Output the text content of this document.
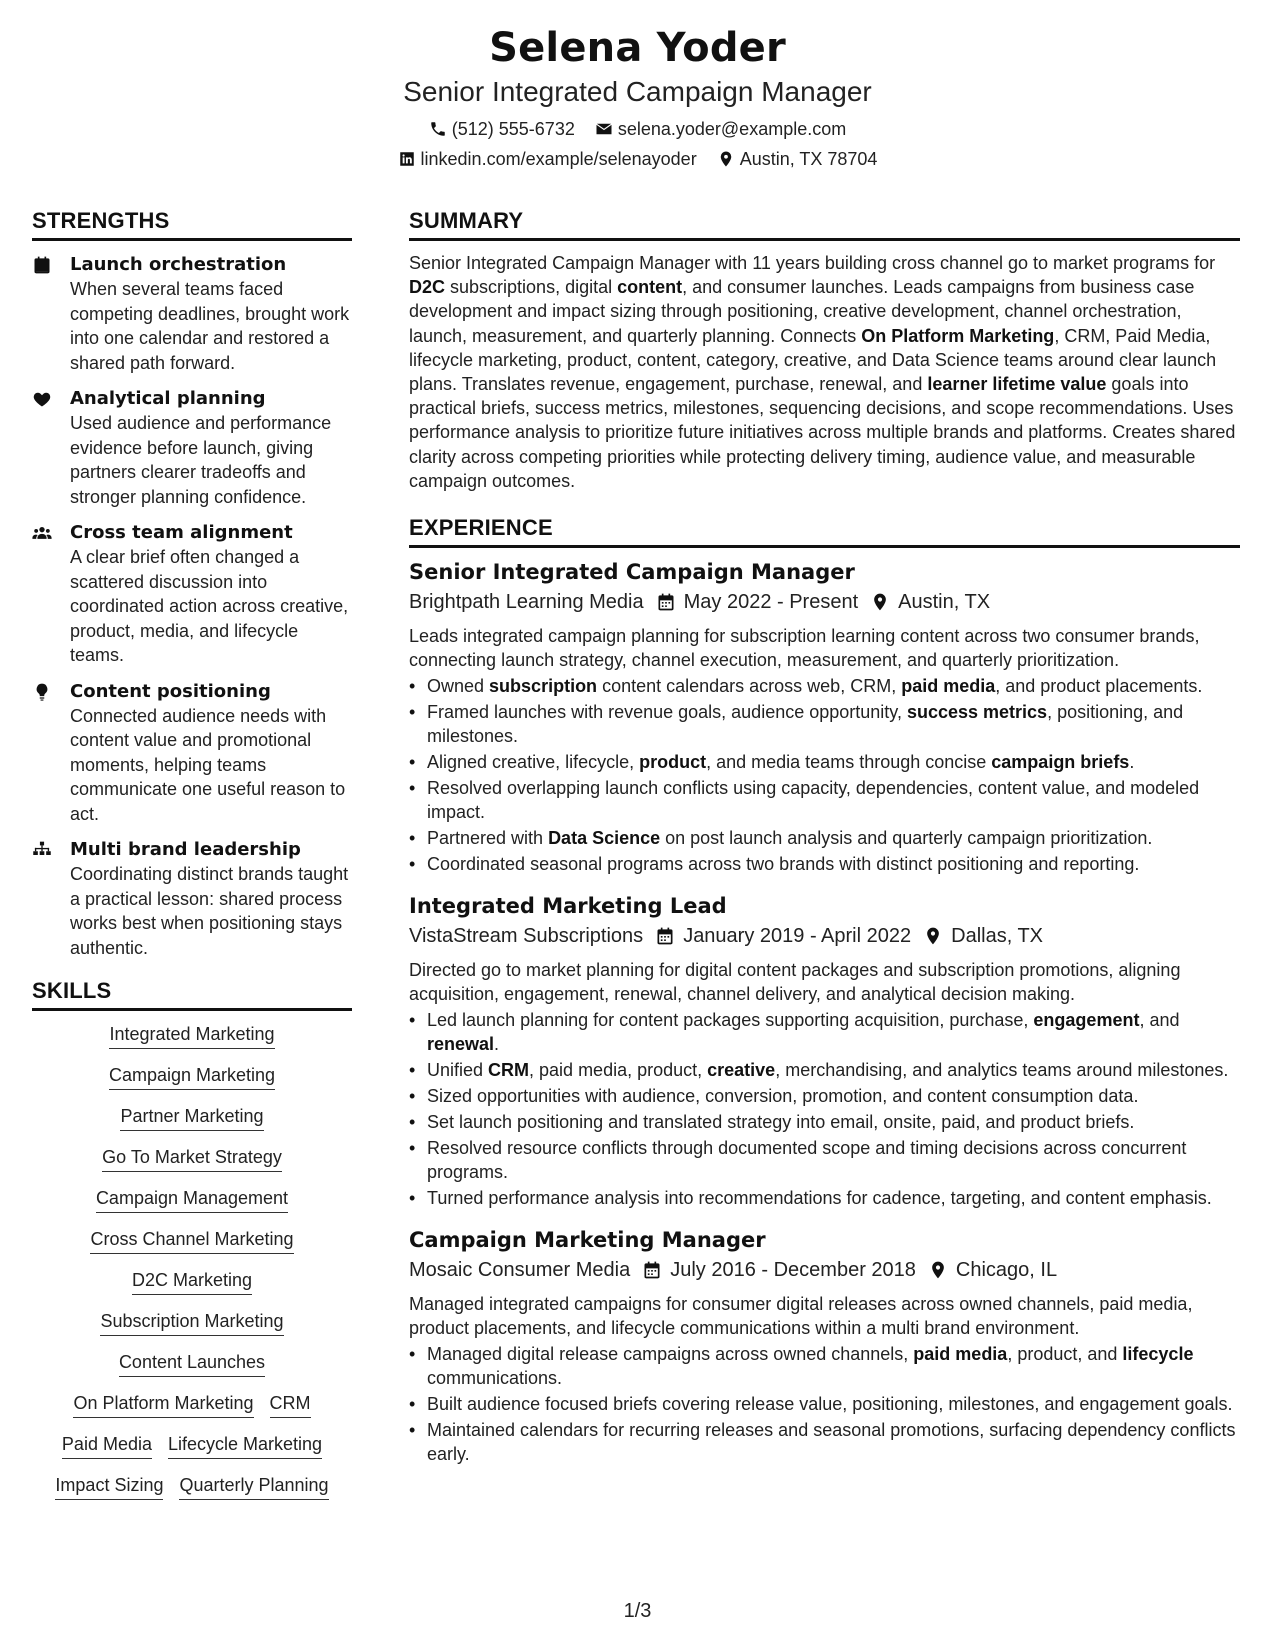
Selena Yoder
Senior Integrated Campaign Manager
(512) 555-6732 selena.yoder@example.com
linkedin.com/example/selenayoder Austin, TX 78704
STRENGTHS
Launch orchestration
When several teams faced competing deadlines, brought work into one calendar and restored a shared path forward.
Analytical planning
Used audience and performance evidence before launch, giving partners clearer tradeoffs and stronger planning confidence.
Cross team alignment
A clear brief often changed a scattered discussion into coordinated action across creative, product, media, and lifecycle teams.
Content positioning
Connected audience needs with content value and promotional moments, helping teams communicate one useful reason to act.
Multi brand leadership
Coordinating distinct brands taught a practical lesson: shared process works best when positioning stays authentic.
SKILLS
Integrated Marketing
Campaign Marketing
Partner Marketing
Go To Market Strategy
Campaign Management
Cross Channel Marketing
D2C Marketing
Subscription Marketing
Content Launches
On Platform Marketing CRM
Paid Media Lifecycle Marketing
Impact Sizing Quarterly Planning
SUMMARY

Senior Integrated Campaign Manager with 11 years building cross channel go to market programs for D2C subscriptions, digital content, and consumer launches. Leads campaigns from business case development and impact sizing through positioning, creative development, channel orchestration, launch, measurement, and quarterly planning. Connects On Platform Marketing, CRM, Paid Media, lifecycle marketing, product, content, category, creative, and Data Science teams around clear launch plans. Translates revenue, engagement, purchase, renewal, and learner lifetime value goals into practical briefs, success metrics, milestones, sequencing decisions, and scope recommendations. Uses performance analysis to prioritize future initiatives across multiple brands and platforms. Creates shared clarity across competing priorities while protecting delivery timing, audience value, and measurable campaign outcomes.

EXPERIENCE
Senior Integrated Campaign Manager
Brightpath Learning Media May 2022 - Present Austin, TX
Leads integrated campaign planning for subscription learning content across two consumer brands, connecting launch strategy, channel execution, measurement, and quarterly prioritization.
• Owned subscription content calendars across web, CRM, paid media, and product placements.
• Framed launches with revenue goals, audience opportunity, success metrics, positioning, and milestones.
• Aligned creative, lifecycle, product, and media teams through concise campaign briefs.
• Resolved overlapping launch conflicts using capacity, dependencies, content value, and modeled impact.
• Partnered with Data Science on post launch analysis and quarterly campaign prioritization.
• Coordinated seasonal programs across two brands with distinct positioning and reporting.
Integrated Marketing Lead
VistaStream Subscriptions January 2019 - April 2022 Dallas, TX
Directed go to market planning for digital content packages and subscription promotions, aligning acquisition, engagement, renewal, channel delivery, and analytical decision making.
• Led launch planning for content packages supporting acquisition, purchase, engagement, and renewal.
• Unified CRM, paid media, product, creative, merchandising, and analytics teams around milestones.
• Sized opportunities with audience, conversion, promotion, and content consumption data.
• Set launch positioning and translated strategy into email, onsite, paid, and product briefs.
• Resolved resource conflicts through documented scope and timing decisions across concurrent programs.
• Turned performance analysis into recommendations for cadence, targeting, and content emphasis.
Campaign Marketing Manager
Mosaic Consumer Media July 2016 - December 2018 Chicago, IL
Managed integrated campaigns for consumer digital releases across owned channels, paid media, product placements, and lifecycle communications within a multi brand environment.
• Managed digital release campaigns across owned channels, paid media, product, and lifecycle communications.
• Built audience focused briefs covering release value, positioning, milestones, and engagement goals.
• Maintained calendars for recurring releases and seasonal promotions, surfacing dependency conflicts early.
1/3
